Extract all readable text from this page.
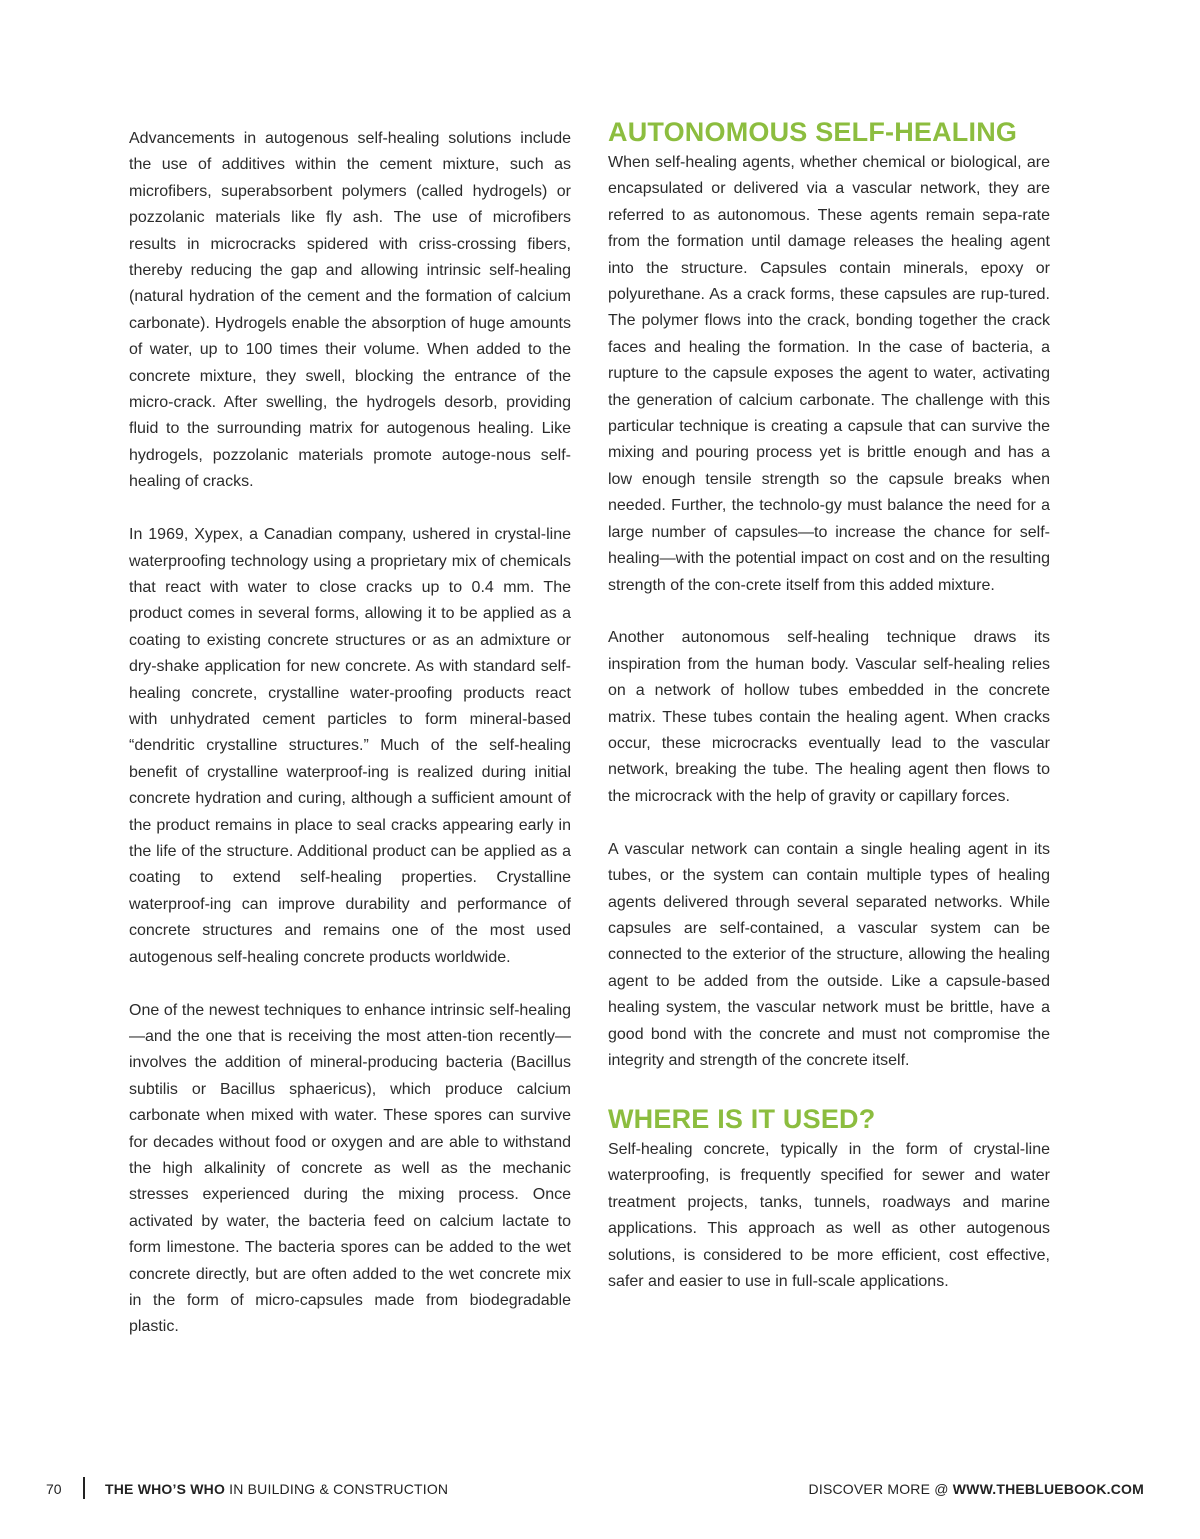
Advancements in autogenous self-healing solutions include the use of additives within the cement mixture, such as microfibers, superabsorbent polymers (called hydrogels) or pozzolanic materials like fly ash. The use of microfibers results in microcracks spidered with criss-crossing fibers, thereby reducing the gap and allowing intrinsic self-healing (natural hydration of the cement and the formation of calcium carbonate). Hydrogels enable the absorption of huge amounts of water, up to 100 times their volume. When added to the concrete mixture, they swell, blocking the entrance of the micro-crack. After swelling, the hydrogels desorb, providing fluid to the surrounding matrix for autogenous healing. Like hydrogels, pozzolanic materials promote autoge-nous self-healing of cracks.

In 1969, Xypex, a Canadian company, ushered in crystal-line waterproofing technology using a proprietary mix of chemicals that react with water to close cracks up to 0.4 mm. The product comes in several forms, allowing it to be applied as a coating to existing concrete structures or as an admixture or dry-shake application for new concrete. As with standard self-healing concrete, crystalline water-proofing products react with unhydrated cement particles to form mineral-based “dendritic crystalline structures.” Much of the self-healing benefit of crystalline waterproof-ing is realized during initial concrete hydration and curing, although a sufficient amount of the product remains in place to seal cracks appearing early in the life of the structure. Additional product can be applied as a coating to extend self-healing properties. Crystalline waterproof-ing can improve durability and performance of concrete structures and remains one of the most used autogenous self-healing concrete products worldwide.

One of the newest techniques to enhance intrinsic self-healing—and the one that is receiving the most atten-tion recently—involves the addition of mineral-producing bacteria (Bacillus subtilis or Bacillus sphaericus), which produce calcium carbonate when mixed with water. These spores can survive for decades without food or oxygen and are able to withstand the high alkalinity of concrete as well as the mechanic stresses experienced during the mixing process. Once activated by water, the bacteria feed on calcium lactate to form limestone. The bacteria spores can be added to the wet concrete directly, but are often added to the wet concrete mix in the form of micro-capsules made from biodegradable plastic.

AUTONOMOUS SELF-HEALING

When self-healing agents, whether chemical or biological, are encapsulated or delivered via a vascular network, they are referred to as autonomous. These agents remain sepa-rate from the formation until damage releases the healing agent into the structure. Capsules contain minerals, epoxy or polyurethane. As a crack forms, these capsules are rup-tured. The polymer flows into the crack, bonding together the crack faces and healing the formation. In the case of bacteria, a rupture to the capsule exposes the agent to water, activating the generation of calcium carbonate. The challenge with this particular technique is creating a capsule that can survive the mixing and pouring process yet is brittle enough and has a low enough tensile strength so the capsule breaks when needed. Further, the technolo-gy must balance the need for a large number of capsules—to increase the chance for self-healing—with the potential impact on cost and on the resulting strength of the con-crete itself from this added mixture.

Another autonomous self-healing technique draws its inspiration from the human body. Vascular self-healing relies on a network of hollow tubes embedded in the concrete matrix. These tubes contain the healing agent. When cracks occur, these microcracks eventually lead to the vascular network, breaking the tube. The healing agent then flows to the microcrack with the help of gravity or capillary forces.

A vascular network can contain a single healing agent in its tubes, or the system can contain multiple types of healing agents delivered through several separated networks. While capsules are self-contained, a vascular system can be connected to the exterior of the structure, allowing the healing agent to be added from the outside. Like a capsule-based healing system, the vascular network must be brittle, have a good bond with the concrete and must not compromise the integrity and strength of the concrete itself.

WHERE IS IT USED?

Self-healing concrete, typically in the form of crystal-line waterproofing, is frequently specified for sewer and water treatment projects, tanks, tunnels, roadways and marine applications. This approach as well as other autogenous solutions, is considered to be more efficient, cost effective, safer and easier to use in full-scale applications.

70	THE WHO’S WHO IN BUILDING & CONSTRUCTION	DISCOVER MORE @ WWW.THEBLUEBOOK.COM
